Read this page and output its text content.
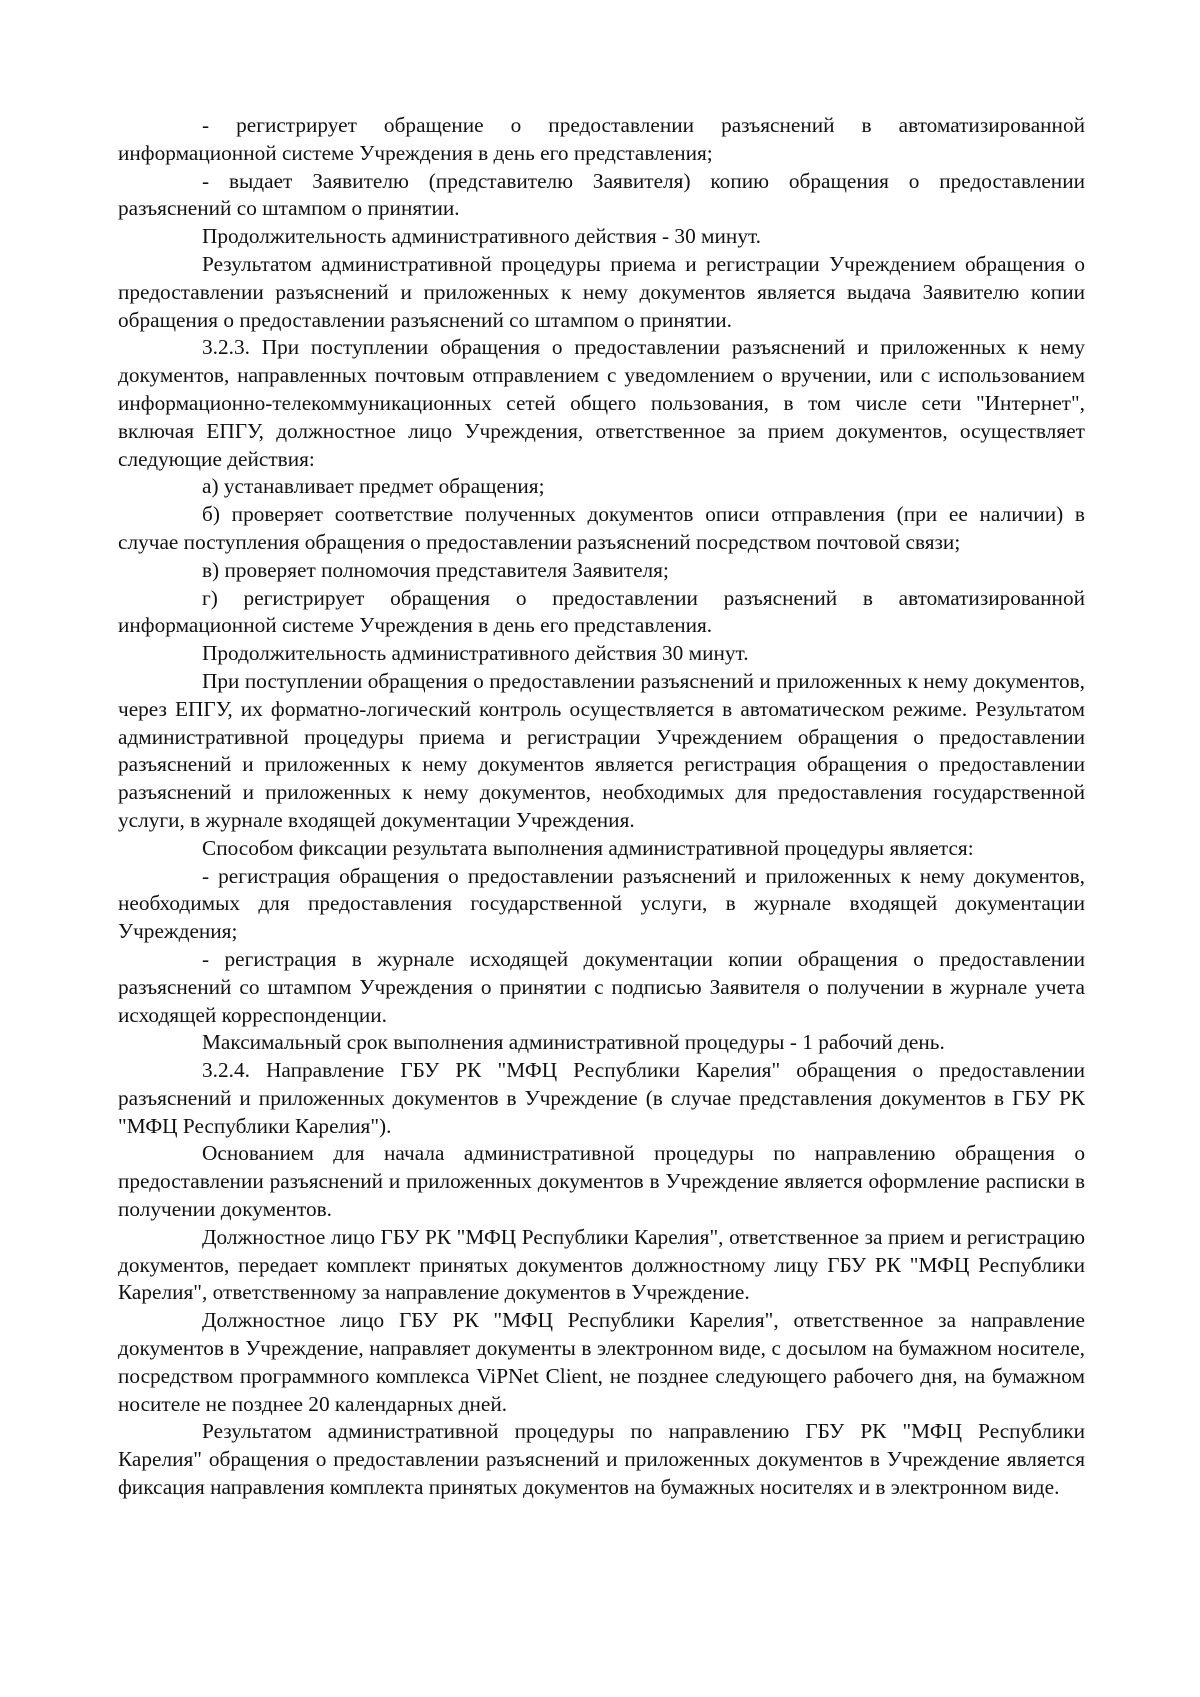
- регистрирует обращение о предоставлении разъяснений в автоматизированной информационной системе Учреждения в день его представления;

- выдает Заявителю (представителю Заявителя) копию обращения о предоставлении разъяснений со штампом о принятии.

Продолжительность административного действия - 30 минут.

Результатом административной процедуры приема и регистрации Учреждением обращения о предоставлении разъяснений и приложенных к нему документов является выдача Заявителю копии обращения о предоставлении разъяснений со штампом о принятии.

3.2.3. При поступлении обращения о предоставлении разъяснений и приложенных к нему документов, направленных почтовым отправлением с уведомлением о вручении, или с использованием информационно-телекоммуникационных сетей общего пользования, в том числе сети "Интернет", включая ЕПГУ, должностное лицо Учреждения, ответственное за прием документов, осуществляет следующие действия:

а) устанавливает предмет обращения;

б) проверяет соответствие полученных документов описи отправления (при ее наличии) в случае поступления обращения о предоставлении разъяснений посредством почтовой связи;

в) проверяет полномочия представителя Заявителя;

г) регистрирует обращения о предоставлении разъяснений в автоматизированной информационной системе Учреждения в день его представления.

Продолжительность административного действия 30 минут.

При поступлении обращения о предоставлении разъяснений и приложенных к нему документов, через ЕПГУ, их форматно-логический контроль осуществляется в автоматическом режиме. Результатом административной процедуры приема и регистрации Учреждением обращения о предоставлении разъяснений и приложенных к нему документов является регистрация обращения о предоставлении разъяснений и приложенных к нему документов, необходимых для предоставления государственной услуги, в журнале входящей документации Учреждения.

Способом фиксации результата выполнения административной процедуры является:

- регистрация обращения о предоставлении разъяснений и приложенных к нему документов, необходимых для предоставления государственной услуги, в журнале входящей документации Учреждения;

- регистрация в журнале исходящей документации копии обращения о предоставлении разъяснений со штампом Учреждения о принятии с подписью Заявителя о получении в журнале учета исходящей корреспонденции.

Максимальный срок выполнения административной процедуры - 1 рабочий день.

3.2.4. Направление ГБУ РК "МФЦ Республики Карелия" обращения о предоставлении разъяснений и приложенных документов в Учреждение (в случае представления документов в ГБУ РК "МФЦ Республики Карелия").

Основанием для начала административной процедуры по направлению обращения о предоставлении разъяснений и приложенных документов в Учреждение является оформление расписки в получении документов.

Должностное лицо ГБУ РК "МФЦ Республики Карелия", ответственное за прием и регистрацию документов, передает комплект принятых документов должностному лицу ГБУ РК "МФЦ Республики Карелия", ответственному за направление документов в Учреждение.

Должностное лицо ГБУ РК "МФЦ Республики Карелия", ответственное за направление документов в Учреждение, направляет документы в электронном виде, с досылом на бумажном носителе, посредством программного комплекса ViPNet Client, не позднее следующего рабочего дня, на бумажном носителе не позднее 20 календарных дней.

Результатом административной процедуры по направлению ГБУ РК "МФЦ Республики Карелия" обращения о предоставлении разъяснений и приложенных документов в Учреждение является фиксация направления комплекта принятых документов на бумажных носителях и в электронном виде.
